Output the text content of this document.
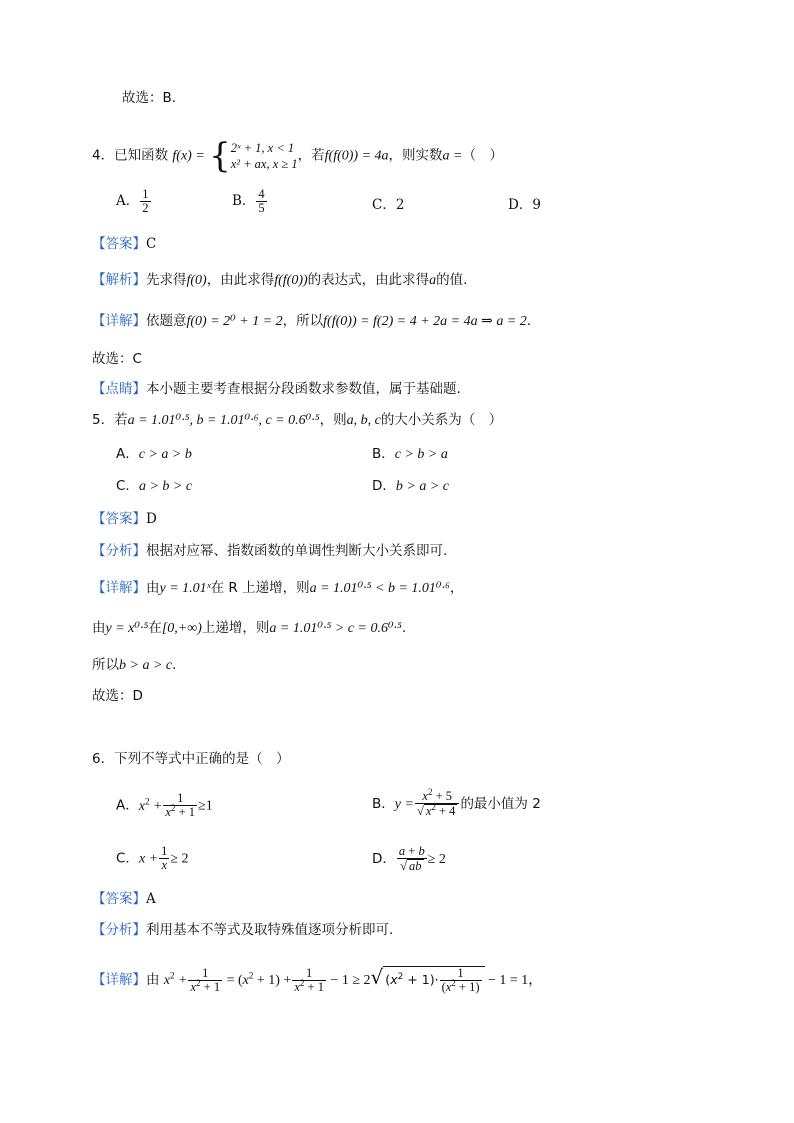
故选：B.
4．已知函数 f(x) = { 2ˣ + 1, x < 1
x² + ax, x ≥ 1
，若f(f(0)) = 4a，则实数a =（　）
A． $\frac{1}{2}$	B． $\frac{4}{5}$	C．2	D．9
【答案】C
【解析】先求得f(0)，由此求得f(f(0))的表达式，由此求得a的值.
【详解】依题意f(0) = 2⁰ + 1 = 2，所以f(f(0)) = f(2) = 4 + 2a = 4a ⇒ a = 2.
故选：C
【点睛】本小题主要考查根据分段函数求参数值，属于基础题.
5．若a = 1.01⁰·⁵, b = 1.01⁰·⁶, c = 0.6⁰·⁵，则a, b, c的大小关系为（　）
A．c > a > b	B．c > b > a
C．a > b > c	D．b > a > c
【答案】D
【分析】根据对应幂、指数函数的单调性判断大小关系即可.
【详解】由y = 1.01ˣ在 R 上递增，则a = 1.01⁰·⁵ < b = 1.01⁰·⁶，
由y = x⁰·⁵在[0,+∞)上递增，则a = 1.01⁰·⁵ > c = 0.6⁰·⁵.
所以b > a > c.
故选：D
6．下列不等式中正确的是（　）
A．$x^2 + \frac{1}{x^2 + 1} \ge 1$	B．$y = \frac{x^2 + 5}{√ x^2 + 4}$ 的最小值为 2
C．$x + \frac{1}{x} \ge 2$	D． $\frac{a + b}{√ ab} \ge 2$
【答案】A
【分析】利用基本不等式及取特殊值逐项分析即可.
【详解】由 $x^2 + \frac{1}{x^2 + 1} = (x^2 + 1) + \frac{1}{x^2 + 1} - 1 \ge 2√$ $(x^2 + 1)\cdot \frac{1}{(x^2 + 1)} - 1 = 1$，
